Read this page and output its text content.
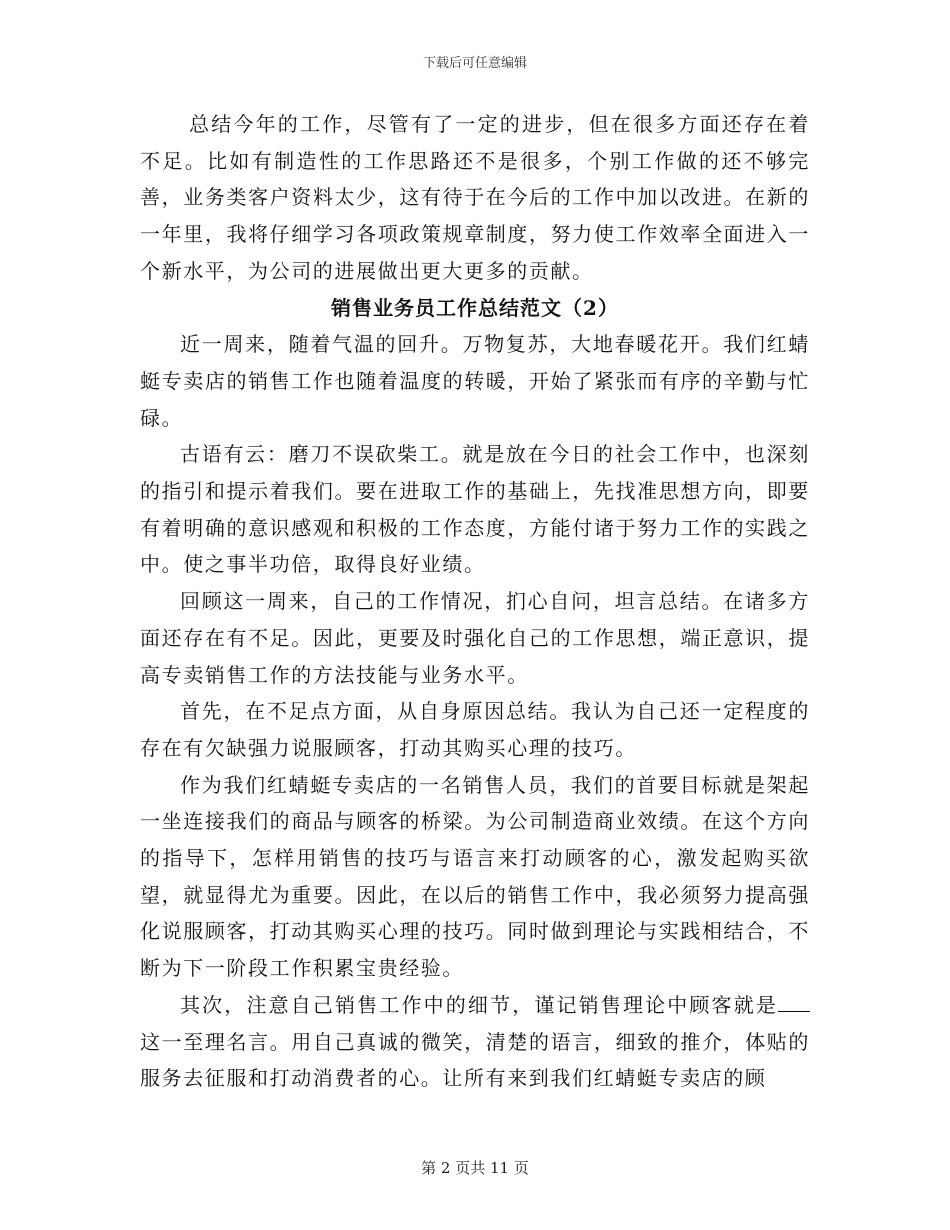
下载后可任意编辑

总结今年的工作，尽管有了一定的进步，但在很多方面还存在着不足。比如有制造性的工作思路还不是很多，个别工作做的还不够完善，业务类客户资料太少，这有待于在今后的工作中加以改进。在新的一年里，我将仔细学习各项政策规章制度，努力使工作效率全面进入一个新水平，为公司的进展做出更大更多的贡献。

销售业务员工作总结范文（2）

近一周来，随着气温的回升。万物复苏，大地春暖花开。我们红蜻蜓专卖店的销售工作也随着温度的转暖，开始了紧张而有序的辛勤与忙碌。

古语有云：磨刀不误砍柴工。就是放在今日的社会工作中，也深刻的指引和提示着我们。要在进取工作的基础上，先找准思想方向，即要有着明确的意识感观和积极的工作态度，方能付诸于努力工作的实践之中。使之事半功倍，取得良好业绩。

回顾这一周来，自己的工作情况，扪心自问，坦言总结。在诸多方面还存在有不足。因此，更要及时强化自己的工作思想，端正意识，提高专卖销售工作的方法技能与业务水平。

首先，在不足点方面，从自身原因总结。我认为自己还一定程度的存在有欠缺强力说服顾客，打动其购买心理的技巧。

作为我们红蜻蜓专卖店的一名销售人员，我们的首要目标就是架起一坐连接我们的商品与顾客的桥梁。为公司制造商业效绩。在这个方向的指导下，怎样用销售的技巧与语言来打动顾客的心，激发起购买欲望，就显得尤为重要。因此，在以后的销售工作中，我必须努力提高强化说服顾客，打动其购买心理的技巧。同时做到理论与实践相结合，不断为下一阶段工作积累宝贵经验。

其次，注意自己销售工作中的细节，谨记销售理论中顾客就是这一至理名言。用自己真诚的微笑，清楚的语言，细致的推介，体贴的服务去征服和打动消费者的心。让所有来到我们红蜻蜓专卖店的顾

第 2 页共 11 页
